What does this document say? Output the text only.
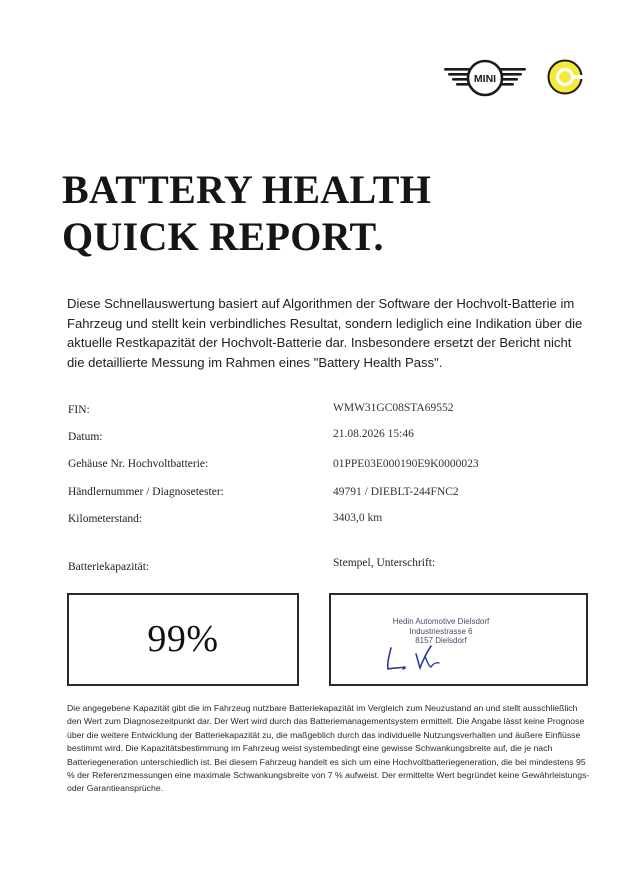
MINI
BATTERY HEALTH
QUICK REPORT.

Diese Schnellauswertung basiert auf Algorithmen der Software der Hochvolt-Batterie im Fahrzeug und stellt kein verbindliches Resultat, sondern lediglich eine Indikation über die aktuelle Restkapazität der Hochvolt-Batterie dar. Insbesondere ersetzt der Bericht nicht die detaillierte Messung im Rahmen eines "Battery Health Pass".

FIN:	WMW31GC08STA69552
Datum:	21.08.2026 15:46
Gehäuse Nr. Hochvoltbatterie:	01PPE03E000190E9K0000023
Händlernummer / Diagnosetester:	49791 / DIEBLT-244FNC2
Kilometerstand:	3403,0 km
Batteriekapazität:	Stempel, Unterschrift:
99%	Hedin Automotive Dielsdorf
Industriestrasse 6
8157 Dielsdorf

Die angegebene Kapazität gibt die im Fahrzeug nutzbare Batteriekapazität im Vergleich zum Neuzustand an und stellt ausschließlich den Wert zum Diagnosezeitpunkt dar. Der Wert wird durch das Batteriemanagementsystem ermittelt. Die Angabe lässt keine Prognose über die weitere Entwicklung der Batteriekapazität zu, die maßgeblich durch das individuelle Nutzungsverhalten und äußere Einflüsse bestimmt wird. Die Kapazitätsbestimmung im Fahrzeug weist systembedingt eine gewisse Schwankungsbreite auf, die je nach Batteriegeneration unterschiedlich ist. Bei diesem Fahrzeug handelt es sich um eine Hochvoltbatteriegeneration, die bei mindestens 95 % der Referenzmessungen eine maximale Schwankungsbreite von 7 % aufweist. Der ermittelte Wert begründet keine Gewährleistungs- oder Garantieansprüche.
